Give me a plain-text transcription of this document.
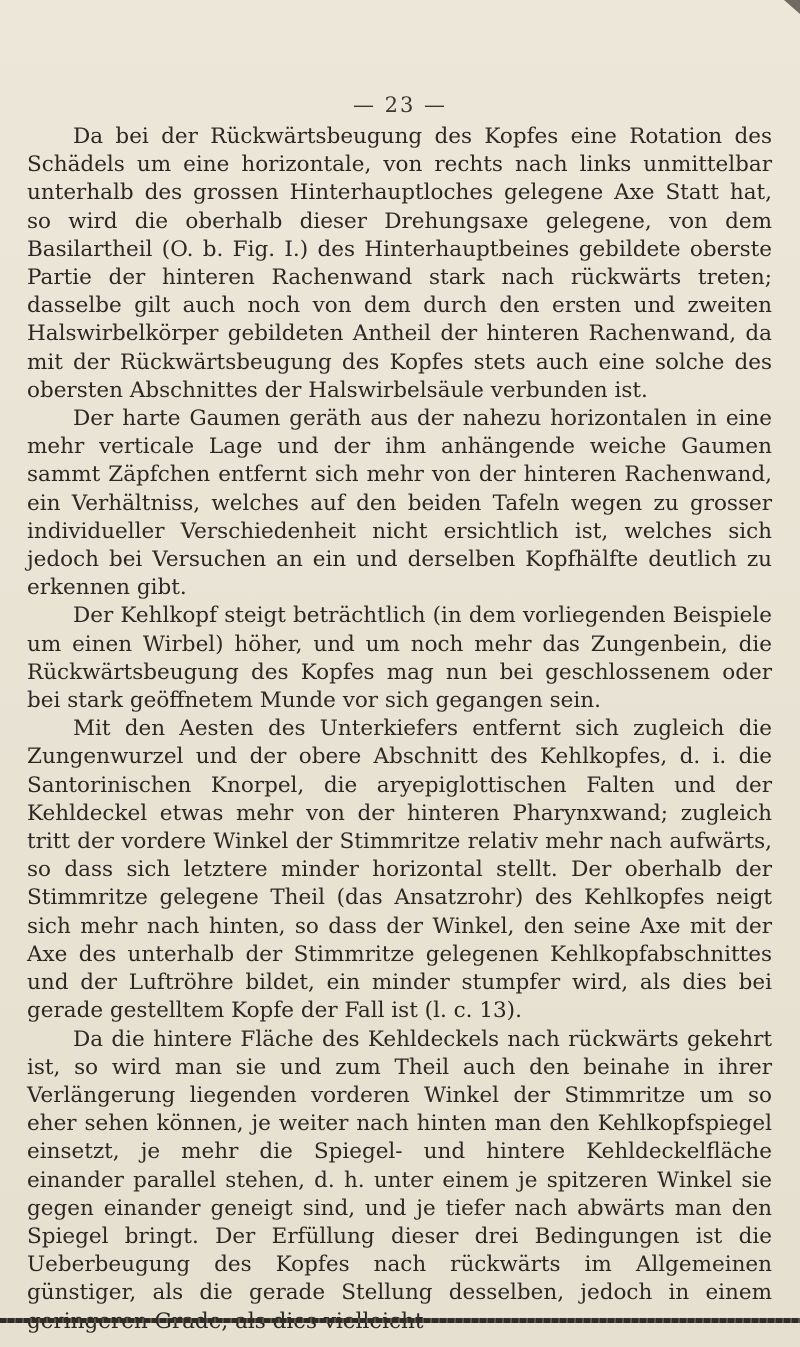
— 23 —

Da bei der Rückwärtsbeugung des Kopfes eine Rotation des Schädels um eine horizontale, von rechts nach links unmittelbar unterhalb des grossen Hinterhauptloches gelegene Axe Statt hat, so wird die oberhalb dieser Drehungsaxe gelegene, von dem Basilartheil (O. b. Fig. I.) des Hinterhauptbeines gebildete oberste Partie der hinteren Rachenwand stark nach rückwärts treten; dasselbe gilt auch noch von dem durch den ersten und zweiten Halswirbelkörper gebildeten Antheil der hinteren Rachenwand, da mit der Rückwärtsbeugung des Kopfes stets auch eine solche des obersten Abschnittes der Halswirbelsäule verbunden ist.

Der harte Gaumen geräth aus der nahezu horizontalen in eine mehr verticale Lage und der ihm anhängende weiche Gaumen sammt Zäpfchen entfernt sich mehr von der hinteren Rachenwand, ein Verhältniss, welches auf den beiden Tafeln wegen zu grosser individueller Verschiedenheit nicht ersichtlich ist, welches sich jedoch bei Versuchen an ein und derselben Kopfhälfte deutlich zu erkennen gibt.

Der Kehlkopf steigt beträchtlich (in dem vorliegenden Beispiele um einen Wirbel) höher, und um noch mehr das Zungenbein, die Rückwärtsbeugung des Kopfes mag nun bei geschlossenem oder bei stark geöffnetem Munde vor sich gegangen sein.

Mit den Aesten des Unterkiefers entfernt sich zugleich die Zungenwurzel und der obere Abschnitt des Kehlkopfes, d. i. die Santorinischen Knorpel, die aryepiglottischen Falten und der Kehldeckel etwas mehr von der hinteren Pharynxwand; zugleich tritt der vordere Winkel der Stimmritze relativ mehr nach aufwärts, so dass sich letztere minder horizontal stellt. Der oberhalb der Stimmritze gelegene Theil (das Ansatzrohr) des Kehlkopfes neigt sich mehr nach hinten, so dass der Winkel, den seine Axe mit der Axe des unterhalb der Stimmritze gelegenen Kehlkopfabschnittes und der Luftröhre bildet, ein minder stumpfer wird, als dies bei gerade gestelltem Kopfe der Fall ist (l. c. 13).

Da die hintere Fläche des Kehldeckels nach rückwärts gekehrt ist, so wird man sie und zum Theil auch den beinahe in ihrer Verlängerung liegenden vorderen Winkel der Stimmritze um so eher sehen können, je weiter nach hinten man den Kehlkopfspiegel einsetzt, je mehr die Spiegel- und hintere Kehldeckelfläche einander parallel stehen, d. h. unter einem je spitzeren Winkel sie gegen einander geneigt sind, und je tiefer nach abwärts man den Spiegel bringt. Der Erfüllung dieser drei Bedingungen ist die Ueberbeugung des Kopfes nach rückwärts im Allgemeinen günstiger, als die gerade Stellung desselben, jedoch in einem
